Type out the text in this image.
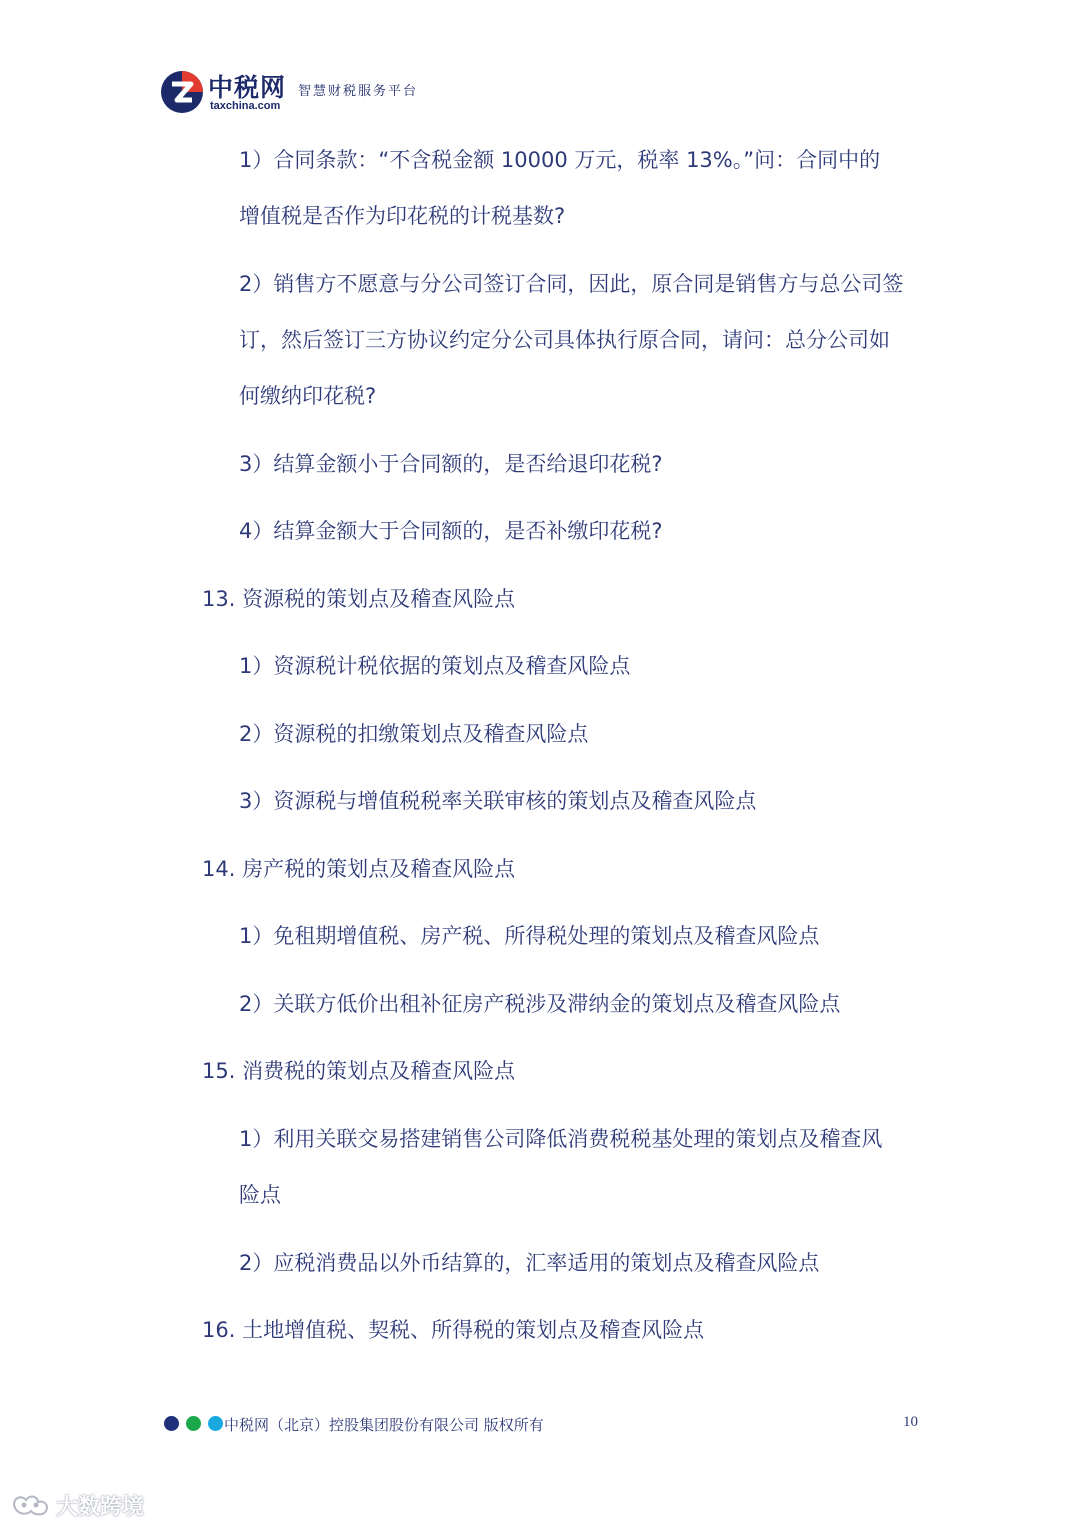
中税网
taxchina.com
智慧财税服务平台
1）合同条款：“不含税金额 10000 万元，税率 13%。”问：合同中的
增值税是否作为印花税的计税基数?
2）销售方不愿意与分公司签订合同，因此，原合同是销售方与总公司签
订，然后签订三方协议约定分公司具体执行原合同，请问：总分公司如
何缴纳印花税?
3）结算金额小于合同额的，是否给退印花税?
4）结算金额大于合同额的，是否补缴印花税?
13. 资源税的策划点及稽查风险点
1）资源税计税依据的策划点及稽查风险点
2）资源税的扣缴策划点及稽查风险点
3）资源税与增值税税率关联审核的策划点及稽查风险点
14. 房产税的策划点及稽查风险点
1）免租期增值税、房产税、所得税处理的策划点及稽查风险点
2）关联方低价出租补征房产税涉及滞纳金的策划点及稽查风险点
15. 消费税的策划点及稽查风险点
1）利用关联交易搭建销售公司降低消费税税基处理的策划点及稽查风
险点
2）应税消费品以外币结算的，汇率适用的策划点及稽查风险点
16. 土地增值税、契税、所得税的策划点及稽查风险点
中税网（北京）控股集团股份有限公司 版权所有	10
大数跨境
